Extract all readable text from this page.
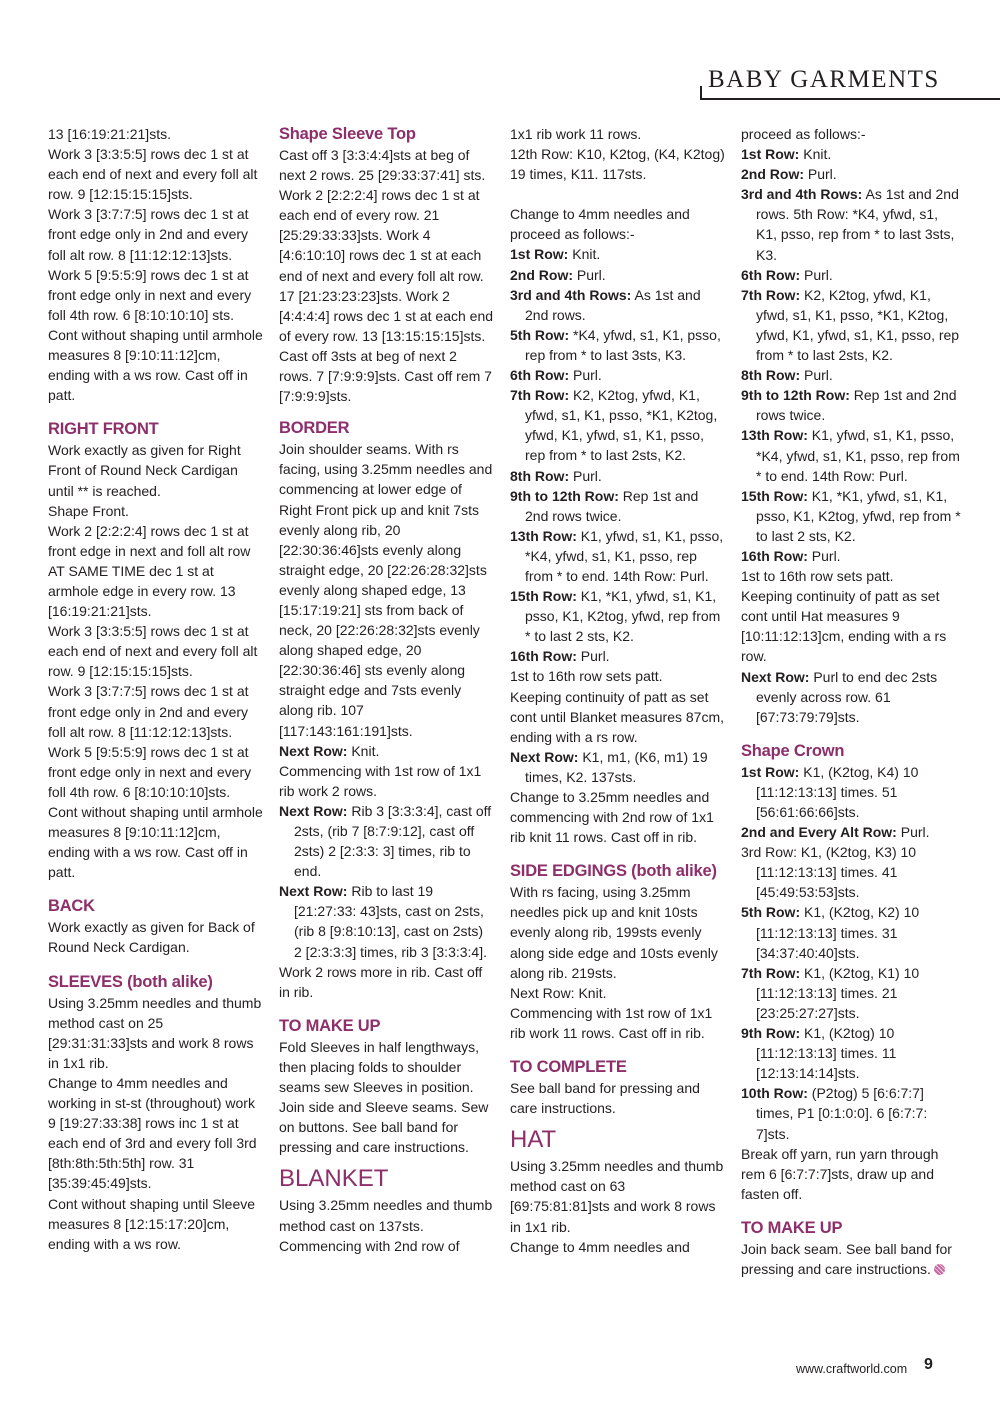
BABY GARMENTS

13 [16:19:21:21]sts.

Work 3 [3:3:5:5] rows dec 1 st at each end of next and every foll alt row. 9 [12:15:15:15]sts.

Work 3 [3:7:7:5] rows dec 1 st at front edge only in 2nd and every foll alt row. 8 [11:12:12:13]sts.

Work 5 [9:5:5:9] rows dec 1 st at front edge only in next and every foll 4th row. 6 [8:10:10:10] sts.

Cont without shaping until armhole measures 8 [9:10:11:12]cm, ending with a ws row. Cast off in patt.

RIGHT FRONT

Work exactly as given for Right Front of Round Neck Cardigan until ** is reached.

Shape Front.

Work 2 [2:2:2:4] rows dec 1 st at front edge in next and foll alt row AT SAME TIME dec 1 st at armhole edge in every row. 13 [16:19:21:21]sts.

Work 3 [3:3:5:5] rows dec 1 st at each end of next and every foll alt row. 9 [12:15:15:15]sts.

Work 3 [3:7:7:5] rows dec 1 st at front edge only in 2nd and every foll alt row. 8 [11:12:12:13]sts.

Work 5 [9:5:5:9] rows dec 1 st at front edge only in next and every foll 4th row. 6 [8:10:10:10]sts.

Cont without shaping until armhole measures 8 [9:10:11:12]cm, ending with a ws row. Cast off in patt.

BACK

Work exactly as given for Back of Round Neck Cardigan.

SLEEVES (both alike)

Using 3.25mm needles and thumb method cast on 25 [29:31:31:33]sts and work 8 rows in 1x1 rib.

Change to 4mm needles and working in st-st (throughout) work 9 [19:27:33:38] rows inc 1 st at each end of 3rd and every foll 3rd [8th:8th:5th:5th] row. 31 [35:39:45:49]sts.

Cont without shaping until Sleeve measures 8 [12:15:17:20]cm, ending with a ws row.

Shape Sleeve Top

Cast off 3 [3:3:4:4]sts at beg of next 2 rows. 25 [29:33:37:41] sts.

Work 2 [2:2:2:4] rows dec 1 st at each end of every row. 21 [25:29:33:33]sts. Work 4 [4:6:10:10] rows dec 1 st at each end of next and every foll alt row. 17 [21:23:23:23]sts. Work 2 [4:4:4:4] rows dec 1 st at each end of every row. 13 [13:15:15:15]sts. Cast off 3sts at beg of next 2 rows. 7 [7:9:9:9]sts. Cast off rem 7 [7:9:9:9]sts.

BORDER

Join shoulder seams. With rs facing, using 3.25mm needles and commencing at lower edge of Right Front pick up and knit 7sts evenly along rib, 20 [22:30:36:46]sts evenly along straight edge, 20 [22:26:28:32]sts evenly along shaped edge, 13 [15:17:19:21] sts from back of neck, 20 [22:26:28:32]sts evenly along shaped edge, 20 [22:30:36:46] sts evenly along straight edge and 7sts evenly along rib. 107 [117:143:161:191]sts.

Next Row: Knit.

Commencing with 1st row of 1x1 rib work 2 rows.

Next Row: Rib 3 [3:3:3:4], cast off 2sts, (rib 7 [8:7:9:12], cast off 2sts) 2 [2:3:3: 3] times, rib to end.

Next Row: Rib to last 19 [21:27:33: 43]sts, cast on 2sts, (rib 8 [9:8:10:13], cast on 2sts) 2 [2:3:3:3] times, rib 3 [3:3:3:4].

Work 2 rows more in rib. Cast off in rib.

TO MAKE UP

Fold Sleeves in half lengthways, then placing folds to shoulder seams sew Sleeves in position. Join side and Sleeve seams. Sew on buttons. See ball band for pressing and care instructions.

BLANKET

Using 3.25mm needles and thumb method cast on 137sts. Commencing with 2nd row of

1x1 rib work 11 rows.

12th Row: K10, K2tog, (K4, K2tog) 19 times, K11. 117sts.

Change to 4mm needles and proceed as follows:-

1st Row: Knit.

2nd Row: Purl.

3rd and 4th Rows: As 1st and 2nd rows.

5th Row: *K4, yfwd, s1, K1, psso, rep from * to last 3sts, K3.

6th Row: Purl.

7th Row: K2, K2tog, yfwd, K1, yfwd, s1, K1, psso, *K1, K2tog, yfwd, K1, yfwd, s1, K1, psso, rep from * to last 2sts, K2.

8th Row: Purl.

9th to 12th Row: Rep 1st and 2nd rows twice.

13th Row: K1, yfwd, s1, K1, psso, *K4, yfwd, s1, K1, psso, rep from * to end. 14th Row: Purl.

15th Row: K1, *K1, yfwd, s1, K1, psso, K1, K2tog, yfwd, rep from * to last 2 sts, K2.

16th Row: Purl.

1st to 16th row sets patt.

Keeping continuity of patt as set cont until Blanket measures 87cm, ending with a rs row.

Next Row: K1, m1, (K6, m1) 19 times, K2. 137sts.

Change to 3.25mm needles and commencing with 2nd row of 1x1 rib knit 11 rows. Cast off in rib.

SIDE EDGINGS (both alike)

With rs facing, using 3.25mm needles pick up and knit 10sts evenly along rib, 199sts evenly along side edge and 10sts evenly along rib. 219sts.

Next Row: Knit.

Commencing with 1st row of 1x1 rib work 11 rows. Cast off in rib.

TO COMPLETE

See ball band for pressing and care instructions.

HAT

Using 3.25mm needles and thumb method cast on 63 [69:75:81:81]sts and work 8 rows in 1x1 rib.

Change to 4mm needles and

proceed as follows:-

1st Row: Knit.

2nd Row: Purl.

3rd and 4th Rows: As 1st and 2nd rows. 5th Row: *K4, yfwd, s1, K1, psso, rep from * to last 3sts, K3.

6th Row: Purl.

7th Row: K2, K2tog, yfwd, K1, yfwd, s1, K1, psso, *K1, K2tog, yfwd, K1, yfwd, s1, K1, psso, rep from * to last 2sts, K2.

8th Row: Purl.

9th to 12th Row: Rep 1st and 2nd rows twice.

13th Row: K1, yfwd, s1, K1, psso, *K4, yfwd, s1, K1, psso, rep from * to end. 14th Row: Purl.

15th Row: K1, *K1, yfwd, s1, K1, psso, K1, K2tog, yfwd, rep from * to last 2 sts, K2.

16th Row: Purl.

1st to 16th row sets patt.

Keeping continuity of patt as set cont until Hat measures 9 [10:11:12:13]cm, ending with a rs row.

Next Row: Purl to end dec 2sts evenly across row. 61 [67:73:79:79]sts.

Shape Crown

1st Row: K1, (K2tog, K4) 10 [11:12:13:13] times. 51 [56:61:66:66]sts.

2nd and Every Alt Row: Purl.

3rd Row: K1, (K2tog, K3) 10 [11:12:13:13] times. 41 [45:49:53:53]sts.

5th Row: K1, (K2tog, K2) 10 [11:12:13:13] times. 31 [34:37:40:40]sts.

7th Row: K1, (K2tog, K1) 10 [11:12:13:13] times. 21 [23:25:27:27]sts.

9th Row: K1, (K2tog) 10 [11:12:13:13] times. 11 [12:13:14:14]sts.

10th Row: (P2tog) 5 [6:6:7:7] times, P1 [0:1:0:0]. 6 [6:7:7: 7]sts.

Break off yarn, run yarn through rem 6 [6:7:7:7]sts, draw up and fasten off.

TO MAKE UP

Join back seam. See ball band for pressing and care instructions.

www.craftworld.com 9
